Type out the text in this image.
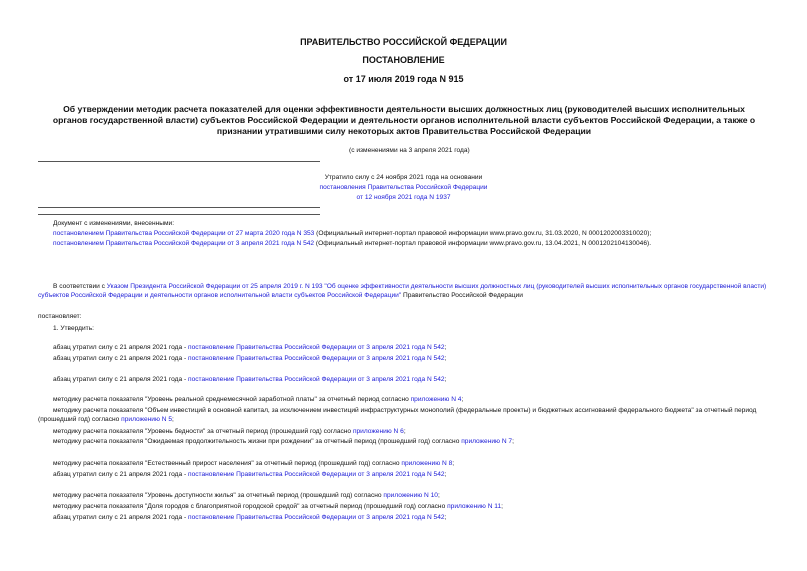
ПРАВИТЕЛЬСТВО РОССИЙСКОЙ ФЕДЕРАЦИИ
ПОСТАНОВЛЕНИЕ
от 17 июля 2019 года N 915
Об утверждении методик расчета показателей для оценки эффективности деятельности высших должностных лиц (руководителей высших исполнительных органов государственной власти) субъектов Российской Федерации и деятельности органов исполнительной власти субъектов Российской Федерации, а также о признании утратившими силу некоторых актов Правительства Российской Федерации
(с изменениями на 3 апреля 2021 года)
Утратило силу с 24 ноября 2021 года на основании
постановления Правительства Российской Федерации
от 12 ноября 2021 года N 1937
Документ с изменениями, внесенными:
постановлением Правительства Российской Федерации от 27 марта 2020 года N 353 (Официальный интернет-портал правовой информации www.pravo.gov.ru, 31.03.2020, N 0001202003310020);
постановлением Правительства Российской Федерации от 3 апреля 2021 года N 542 (Официальный интернет-портал правовой информации www.pravo.gov.ru, 13.04.2021, N 0001202104130046).
В соответствии с Указом Президента Российской Федерации от 25 апреля 2019 г. N 193 "Об оценке эффективности деятельности высших должностных лиц (руководителей высших исполнительных органов государственной власти) субъектов Российской Федерации и деятельности органов исполнительной власти субъектов Российской Федерации" Правительство Российской Федерации
постановляет:
1. Утвердить:
абзац утратил силу с 21 апреля 2021 года - постановление Правительства Российской Федерации от 3 апреля 2021 года N 542;
абзац утратил силу с 21 апреля 2021 года - постановление Правительства Российской Федерации от 3 апреля 2021 года N 542;
абзац утратил силу с 21 апреля 2021 года - постановление Правительства Российской Федерации от 3 апреля 2021 года N 542;
методику расчета показателя "Уровень реальной среднемесячной заработной платы" за отчетный период согласно приложению N 4;
методику расчета показателя "Объем инвестиций в основной капитал, за исключением инвестиций инфраструктурных монополий (федеральные проекты) и бюджетных ассигнований федерального бюджета" за отчетный период (прошедший год) согласно приложению N 5;
методику расчета показателя "Уровень бедности" за отчетный период (прошедший год) согласно приложению N 6;
методику расчета показателя "Ожидаемая продолжительность жизни при рождении" за отчетный период (прошедший год) согласно приложению N 7;
методику расчета показателя "Естественный прирост населения" за отчетный период (прошедший год) согласно приложению N 8;
абзац утратил силу с 21 апреля 2021 года - постановление Правительства Российской Федерации от 3 апреля 2021 года N 542;
методику расчета показателя "Уровень доступности жилья" за отчетный период (прошедший год) согласно приложению N 10;
методику расчета показателя "Доля городов с благоприятной городской средой" за отчетный период (прошедший год) согласно приложению N 11;
абзац утратил силу с 21 апреля 2021 года - постановление Правительства Российской Федерации от 3 апреля 2021 года N 542;
